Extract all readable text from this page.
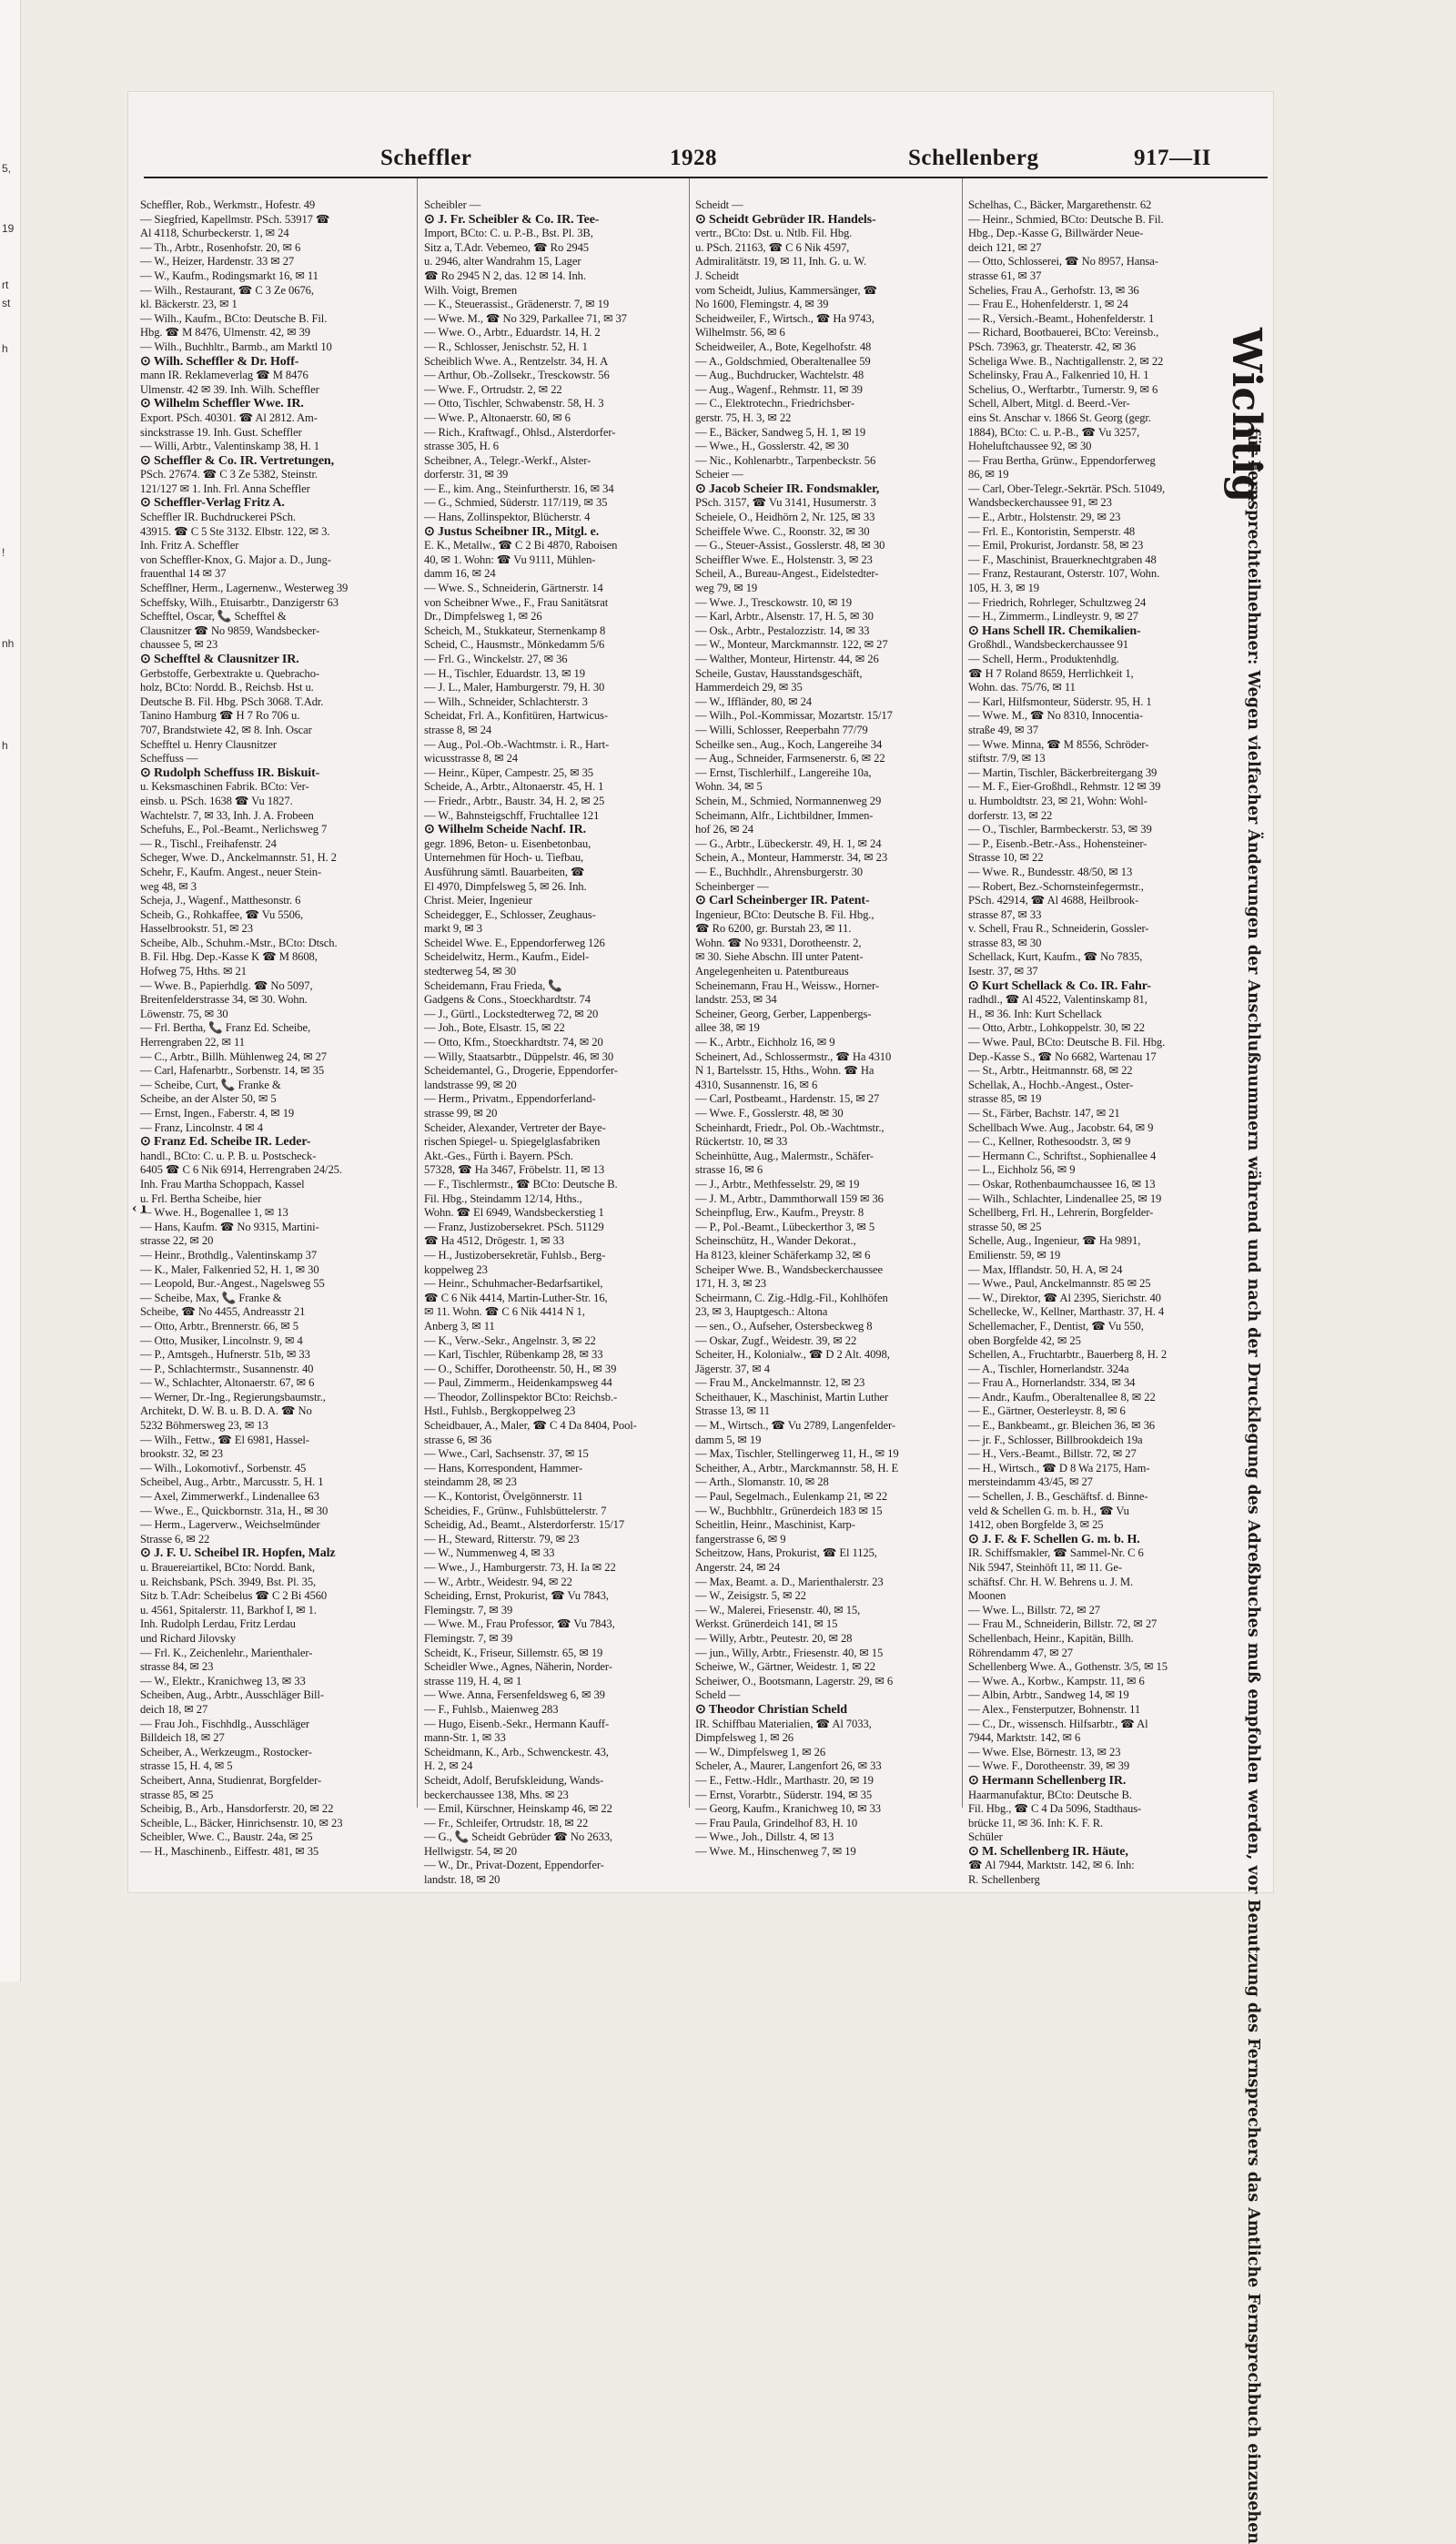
5,
19
rt
st
h
!
nh
h
Scheffler	1928	Schellenberg	917—II
Scheffler, Rob., Werkmstr., Hofestr. 49
— Siegfried, Kapellmstr. PSch. 53917 ☎
Al 4118, Schurbeckerstr. 1, ✉ 24
— Th., Arbtr., Rosenhofstr. 20, ✉ 6
— W., Heizer, Hardenstr. 33 ✉ 27
— W., Kaufm., Rodingsmarkt 16, ✉ 11
— Wilh., Restaurant, ☎ C 3 Ze 0676,
kl. Bäckerstr. 23, ✉ 1
— Wilh., Kaufm., BCto: Deutsche B. Fil.
Hbg. ☎ M 8476, Ulmenstr. 42, ✉ 39
— Wilh., Buchhltr., Barmb., am Marktl 10
⊙ Wilh. Scheffler & Dr. Hoff-
mann IR. Reklameverlag ☎ M 8476
Ulmenstr. 42 ✉ 39. Inh. Wilh. Scheffler
⊙ Wilhelm Scheffler Wwe. IR.
Export. PSch. 40301. ☎ Al 2812. Am-
sinckstrasse 19. Inh. Gust. Scheffler
— Willi, Arbtr., Valentinskamp 38, H. 1
⊙ Scheffler & Co. IR. Vertretungen,
PSch. 27674. ☎ C 3 Ze 5382, Steinstr.
121/127 ✉ 1. Inh. Frl. Anna Scheffler
⊙ Scheffler-Verlag Fritz A.
Scheffler IR. Buchdruckerei PSch.
43915. ☎ C 5 Ste 3132. Elbstr. 122, ✉ 3.
Inh. Fritz A. Scheffler
von Scheffler-Knox, G. Major a. D., Jung-
frauenthal 14 ✉ 37
Schefflner, Herm., Lagernenw., Westerweg 39
Scheffsky, Wilh., Etuisarbtr., Danzigerstr 63
Schefftel, Oscar, 📞 Schefftel &
Clausnitzer ☎ No 9859, Wandsbecker-
chaussee 5, ✉ 23
⊙ Schefftel & Clausnitzer IR.
Gerbstoffe, Gerbextrakte u. Quebracho-
holz, BCto: Nordd. B., Reichsb. Hst u.
Deutsche B. Fil. Hbg. PSch 3068. T.Adr.
Tanino Hamburg ☎ H 7 Ro 706 u.
707, Brandstwiete 42, ✉ 8. Inh. Oscar
Schefftel u. Henry Clausnitzer
Scheffuss —
⊙ Rudolph Scheffuss IR. Biskuit-
u. Keksmaschinen Fabrik. BCto: Ver-
einsb. u. PSch. 1638 ☎ Vu 1827.
Wachtelstr. 7, ✉ 33, Inh. J. A. Frobeen
Schefuhs, E., Pol.-Beamt., Nerlichsweg 7
— R., Tischl., Freihafenstr. 24
Scheger, Wwe. D., Anckelmannstr. 51, H. 2
Schehr, F., Kaufm. Angest., neuer Stein-
weg 48, ✉ 3
Scheja, J., Wagenf., Matthesonstr. 6
Scheib, G., Rohkaffee, ☎ Vu 5506,
Hasselbrookstr. 51, ✉ 23
Scheibe, Alb., Schuhm.-Mstr., BCto: Dtsch.
B. Fil. Hbg. Dep.-Kasse K ☎ M 8608,
Hofweg 75, Hths. ✉ 21
— Wwe. B., Papierhdlg. ☎ No 5097,
Breitenfelderstrasse 34, ✉ 30. Wohn.
Löwenstr. 75, ✉ 30
— Frl. Bertha, 📞 Franz Ed. Scheibe,
Herrengraben 22, ✉ 11
— C., Arbtr., Billh. Mühlenweg 24, ✉ 27
— Carl, Hafenarbtr., Sorbenstr. 14, ✉ 35
— Scheibe, Curt, 📞 Franke &
Scheibe, an der Alster 50, ✉ 5
— Ernst, Ingen., Faberstr. 4, ✉ 19
— Franz, Lincolnstr. 4 ✉ 4
⊙ Franz Ed. Scheibe IR. Leder-
handl., BCto: C. u. P. B. u. Postscheck-
6405 ☎ C 6 Nik 6914, Herrengraben 24/25.
Inh. Frau Martha Schoppach, Kassel
u. Frl. Bertha Scheibe, hier
— Wwe. H., Bogenallee 1, ✉ 13
— Hans, Kaufm. ☎ No 9315, Martini-
strasse 22, ✉ 20
— Heinr., Brothdlg., Valentinskamp 37
— K., Maler, Falkenried 52, H. 1, ✉ 30
— Leopold, Bur.-Angest., Nagelsweg 55
— Scheibe, Max, 📞 Franke &
Scheibe, ☎ No 4455, Andreasstr 21
— Otto, Arbtr., Brennerstr. 66, ✉ 5
— Otto, Musiker, Lincolnstr. 9, ✉ 4
— P., Amtsgeh., Hufnerstr. 51b, ✉ 33
— P., Schlachtermstr., Susannenstr. 40
— W., Schlachter, Altonaerstr. 67, ✉ 6
— Werner, Dr.-Ing., Regierungsbaumstr.,
Architekt, D. W. B. u. B. D. A. ☎ No
5232 Böhmersweg 23, ✉ 13
— Wilh., Fettw., ☎ El 6981, Hassel-
brookstr. 32, ✉ 23
— Wilh., Lokomotivf., Sorbenstr. 45
Scheibel, Aug., Arbtr., Marcusstr. 5, H. 1
— Axel, Zimmerwerkf., Lindenallee 63
— Wwe., E., Quickbornstr. 31a, H., ✉ 30
— Herm., Lagerverw., Weichselmünder
Strasse 6, ✉ 22
⊙ J. F. U. Scheibel IR. Hopfen, Malz
u. Brauereiartikel, BCto: Nordd. Bank,
u. Reichsbank, PSch. 3949, Bst. Pl. 35,
Sitz b. T.Adr: Scheibelus ☎ C 2 Bi 4560
u. 4561, Spitalerstr. 11, Barkhof I, ✉ 1.
Inh. Rudolph Lerdau, Fritz Lerdau
und Richard Jilovsky
— Frl. K., Zeichenlehr., Marienthaler-
strasse 84, ✉ 23
— W., Elektr., Kranichweg 13, ✉ 33
Scheiben, Aug., Arbtr., Ausschläger Bill-
deich 18, ✉ 27
— Frau Joh., Fischhdlg., Ausschläger
Billdeich 18, ✉ 27
Scheiber, A., Werkzeugm., Rostocker-
strasse 15, H. 4, ✉ 5
Scheibert, Anna, Studienrat, Borgfelder-
strasse 85, ✉ 25
Scheibig, B., Arb., Hansdorferstr. 20, ✉ 22
Scheible, L., Bäcker, Hinrichsenstr. 10, ✉ 23
Scheibler, Wwe. C., Baustr. 24a, ✉ 25
— H., Maschinenb., Eiffestr. 481, ✉ 35
Scheibler —
⊙ J. Fr. Scheibler & Co. IR. Tee-
Import, BCto: C. u. P.-B., Bst. Pl. 3B,
Sitz a, T.Adr. Vebemeo, ☎ Ro 2945
u. 2946, alter Wandrahm 15, Lager
☎ Ro 2945 N 2, das. 12 ✉ 14. Inh.
Wilh. Voigt, Bremen
— K., Steuerassist., Grädenerstr. 7, ✉ 19
— Wwe. M., ☎ No 329, Parkallee 71, ✉ 37
— Wwe. O., Arbtr., Eduardstr. 14, H. 2
— R., Schlosser, Jenischstr. 52, H. 1
Scheiblich Wwe. A., Rentzelstr. 34, H. A
— Arthur, Ob.-Zollsekr., Tresckowstr. 56
— Wwe. F., Ortrudstr. 2, ✉ 22
— Otto, Tischler, Schwabenstr. 58, H. 3
— Wwe. P., Altonaerstr. 60, ✉ 6
— Rich., Kraftwagf., Ohlsd., Alsterdorfer-
strasse 305, H. 6
Scheibner, A., Telegr.-Werkf., Alster-
dorferstr. 31, ✉ 39
— E., kim. Ang., Steinfurtherstr. 16, ✉ 34
— G., Schmied, Süderstr. 117/119, ✉ 35
— Hans, Zollinspektor, Blücherstr. 4
⊙ Justus Scheibner IR., Mitgl. e.
E. K., Metallw., ☎ C 2 Bi 4870, Raboisen
40, ✉ 1. Wohn: ☎ Vu 9111, Mühlen-
damm 16, ✉ 24
— Wwe. S., Schneiderin, Gärtnerstr. 14
von Scheibner Wwe., F., Frau Sanitätsrat
Dr., Dimpfelsweg 1, ✉ 26
Scheich, M., Stukkateur, Sternenkamp 8
Scheid, C., Hausmstr., Mönkedamm 5/6
— Frl. G., Winckelstr. 27, ✉ 36
— H., Tischler, Eduardstr. 13, ✉ 19
— J. L., Maler, Hamburgerstr. 79, H. 30
— Wilh., Schneider, Schlachterstr. 3
Scheidat, Frl. A., Konfitüren, Hartwicus-
strasse 8, ✉ 24
— Aug., Pol.-Ob.-Wachtmstr. i. R., Hart-
wicusstrasse 8, ✉ 24
— Heinr., Küper, Campestr. 25, ✉ 35
Scheide, A., Arbtr., Altonaerstr. 45, H. 1
— Friedr., Arbtr., Baustr. 34, H. 2, ✉ 25
— W., Bahnsteigschff, Fruchtallee 121
⊙ Wilhelm Scheide Nachf. IR.
gegr. 1896, Beton- u. Eisenbetonbau,
Unternehmen für Hoch- u. Tiefbau,
Ausführung sämtl. Bauarbeiten, ☎
El 4970, Dimpfelsweg 5, ✉ 26. Inh.
Christ. Meier, Ingenieur
Scheidegger, E., Schlosser, Zeughaus-
markt 9, ✉ 3
Scheidel Wwe. E., Eppendorferweg 126
Scheidelwitz, Herm., Kaufm., Eidel-
stedterweg 54, ✉ 30
Scheidemann, Frau Frieda, 📞
Gadgens & Cons., Stoeckhardtstr. 74
— J., Gürtl., Lockstedterweg 72, ✉ 20
— Joh., Bote, Elsastr. 15, ✉ 22
— Otto, Kfm., Stoeckhardtstr. 74, ✉ 20
— Willy, Staatsarbtr., Düppelstr. 46, ✉ 30
Scheidemantel, G., Drogerie, Eppendorfer-
landstrasse 99, ✉ 20
— Herm., Privatm., Eppendorferland-
strasse 99, ✉ 20
Scheider, Alexander, Vertreter der Baye-
rischen Spiegel- u. Spiegelglasfabriken
Akt.-Ges., Fürth i. Bayern. PSch.
57328, ☎ Ha 3467, Fröbelstr. 11, ✉ 13
— F., Tischlermstr., ☎ BCto: Deutsche B.
Fil. Hbg., Steindamm 12/14, Hths.,
Wohn. ☎ El 6949, Wandsbeckerstieg 1
— Franz, Justizobersekret. PSch. 51129
☎ Ha 4512, Drögestr. 1, ✉ 33
— H., Justizobersekretär, Fuhlsb., Berg-
koppelweg 23
— Heinr., Schuhmacher-Bedarfsartikel,
☎ C 6 Nik 4414, Martin-Luther-Str. 16,
✉ 11. Wohn. ☎ C 6 Nik 4414 N 1,
Anberg 3, ✉ 11
— K., Verw.-Sekr., Angelnstr. 3, ✉ 22
— Karl, Tischler, Rübenkamp 28, ✉ 33
— O., Schiffer, Dorotheenstr. 50, H., ✉ 39
— Paul, Zimmerm., Heidenkampsweg 44
— Theodor, Zollinspektor BCto: Reichsb.-
Hstl., Fuhlsb., Bergkoppelweg 23
Scheidbauer, A., Maler, ☎ C 4 Da 8404, Pool-
strasse 6, ✉ 36
— Wwe., Carl, Sachsenstr. 37, ✉ 15
— Hans, Korrespondent, Hammer-
steindamm 28, ✉ 23
— K., Kontorist, Övelgönnerstr. 11
Scheidies, F., Grünw., Fuhlsbüttelerstr. 7
Scheidig, Ad., Beamt., Alsterdorferstr. 15/17
— H., Steward, Ritterstr. 79, ✉ 23
— W., Nummenweg 4, ✉ 33
— Wwe., J., Hamburgerstr. 73, H. Ia ✉ 22
— W., Arbtr., Weidestr. 94, ✉ 22
Scheiding, Ernst, Prokurist, ☎ Vu 7843,
Flemingstr. 7, ✉ 39
— Wwe. M., Frau Professor, ☎ Vu 7843,
Flemingstr. 7, ✉ 39
Scheidt, K., Friseur, Sillemstr. 65, ✉ 19
Scheidler Wwe., Agnes, Näherin, Norder-
strasse 119, H. 4, ✉ 1
— Wwe. Anna, Fersenfeldsweg 6, ✉ 39
— F., Fuhlsb., Maienweg 283
— Hugo, Eisenb.-Sekr., Hermann Kauff-
mann-Str. 1, ✉ 33
Scheidmann, K., Arb., Schwenckestr. 43,
H. 2, ✉ 24
Scheidt, Adolf, Berufskleidung, Wands-
beckerchaussee 138, Mhs. ✉ 23
— Emil, Kürschner, Heinskamp 46, ✉ 22
— Fr., Schleifer, Ortrudstr. 18, ✉ 22
— G., 📞 Scheidt Gebrüder ☎ No 2633,
Hellwigstr. 54, ✉ 20
— W., Dr., Privat-Dozent, Eppendorfer-
landstr. 18, ✉ 20
Scheidt —
⊙ Scheidt Gebrüder IR. Handels-
vertr., BCto: Dst. u. Ntlb. Fil. Hbg.
u. PSch. 21163, ☎ C 6 Nik 4597,
Admiralitätstr. 19, ✉ 11, Inh. G. u. W.
J. Scheidt
vom Scheidt, Julius, Kammersänger, ☎
No 1600, Flemingstr. 4, ✉ 39
Scheidweiler, F., Wirtsch., ☎ Ha 9743,
Wilhelmstr. 56, ✉ 6
Scheidweiler, A., Bote, Kegelhofstr. 48
— A., Goldschmied, Oberaltenallee 59
— Aug., Buchdrucker, Wachtelstr. 48
— Aug., Wagenf., Rehmstr. 11, ✉ 39
— C., Elektrotechn., Friedrichsber-
gerstr. 75, H. 3, ✉ 22
— E., Bäcker, Sandweg 5, H. 1, ✉ 19
— Wwe., H., Gosslerstr. 42, ✉ 30
— Nic., Kohlenarbtr., Tarpenbeckstr. 56
Scheier —
⊙ Jacob Scheier IR. Fondsmakler,
PSch. 3157, ☎ Vu 3141, Husumerstr. 3
Scheiele, O., Heidhörn 2, Nr. 125, ✉ 33
Scheiffele Wwe. C., Roonstr. 32, ✉ 30
— G., Steuer-Assist., Gosslerstr. 48, ✉ 30
Scheiffler Wwe. E., Holstenstr. 3, ✉ 23
Scheil, A., Bureau-Angest., Eidelstedter-
weg 79, ✉ 19
— Wwe. J., Tresckowstr. 10, ✉ 19
— Karl, Arbtr., Alsenstr. 17, H. 5, ✉ 30
— Osk., Arbtr., Pestalozzistr. 14, ✉ 33
— W., Monteur, Marckmannstr. 122, ✉ 27
— Walther, Monteur, Hirtenstr. 44, ✉ 26
Scheile, Gustav, Hausstandsgeschäft,
Hammerdeich 29, ✉ 35
— W., Iffländer, 80, ✉ 24
— Wilh., Pol.-Kommissar, Mozartstr. 15/17
— Willi, Schlosser, Reeperbahn 77/79
Scheilke sen., Aug., Koch, Langereihe 34
— Aug., Schneider, Farmsenerstr. 6, ✉ 22
— Ernst, Tischlerhilf., Langereihe 10a,
Wohn. 34, ✉ 5
Schein, M., Schmied, Normannenweg 29
Scheimann, Alfr., Lichtbildner, Immen-
hof 26, ✉ 24
— G., Arbtr., Lübeckerstr. 49, H. 1, ✉ 24
Schein, A., Monteur, Hammerstr. 34, ✉ 23
— E., Buchhdlr., Ahrensburgerstr. 30
Scheinberger —
⊙ Carl Scheinberger IR. Patent-
Ingenieur, BCto: Deutsche B. Fil. Hbg.,
☎ Ro 6200, gr. Burstah 23, ✉ 11.
Wohn. ☎ No 9331, Dorotheenstr. 2,
✉ 30. Siehe Abschn. III unter Patent-
Angelegenheiten u. Patentbureaus
Scheinemann, Frau H., Weissw., Horner-
landstr. 253, ✉ 34
Scheiner, Georg, Gerber, Lappenbergs-
allee 38, ✉ 19
— K., Arbtr., Eichholz 16, ✉ 9
Scheinert, Ad., Schlossermstr., ☎ Ha 4310
N 1, Bartelsstr. 15, Hths., Wohn. ☎ Ha
4310, Susannenstr. 16, ✉ 6
— Carl, Postbeamt., Hardenstr. 15, ✉ 27
— Wwe. F., Gosslerstr. 48, ✉ 30
Scheinhardt, Friedr., Pol. Ob.-Wachtmstr.,
Rückertstr. 10, ✉ 33
Scheinhütte, Aug., Malermstr., Schäfer-
strasse 16, ✉ 6
— J., Arbtr., Methfesselstr. 29, ✉ 19
— J. M., Arbtr., Dammthorwall 159 ✉ 36
Scheinpflug, Erw., Kaufm., Preystr. 8
— P., Pol.-Beamt., Lübeckerthor 3, ✉ 5
Scheinschütz, H., Wander Dekorat.,
Ha 8123, kleiner Schäferkamp 32, ✉ 6
Scheiper Wwe. B., Wandsbeckerchaussee
171, H. 3, ✉ 23
Scheirmann, C. Zig.-Hdlg.-Fil., Kohlhöfen
23, ✉ 3, Hauptgesch.: Altona
— sen., O., Aufseher, Ostersbeckweg 8
— Oskar, Zugf., Weidestr. 39, ✉ 22
Scheiter, H., Kolonialw., ☎ D 2 Alt. 4098,
Jägerstr. 37, ✉ 4
— Frau M., Anckelmannstr. 12, ✉ 23
Scheithauer, K., Maschinist, Martin Luther
Strasse 13, ✉ 11
— M., Wirtsch., ☎ Vu 2789, Langenfelder-
damm 5, ✉ 19
— Max, Tischler, Stellingerweg 11, H., ✉ 19
Scheither, A., Arbtr., Marckmannstr. 58, H. E
— Arth., Slomanstr. 10, ✉ 28
— Paul, Segelmach., Eulenkamp 21, ✉ 22
— W., Buchbhltr., Grünerdeich 183 ✉ 15
Scheitlin, Heinr., Maschinist, Karp-
fangerstrasse 6, ✉ 9
Scheitzow, Hans, Prokurist, ☎ El 1125,
Angerstr. 24, ✉ 24
— Max, Beamt. a. D., Marienthalerstr. 23
— W., Zeisigstr. 5, ✉ 22
— W., Malerei, Friesenstr. 40, ✉ 15,
Werkst. Grünerdeich 141, ✉ 15
— Willy, Arbtr., Peutestr. 20, ✉ 28
— jun., Willy, Arbtr., Friesenstr. 40, ✉ 15
Scheiwe, W., Gärtner, Weidestr. 1, ✉ 22
Scheiwer, O., Bootsmann, Lagerstr. 29, ✉ 6
Scheld —
⊙ Theodor Christian Scheld
IR. Schiffbau Materialien, ☎ Al 7033,
Dimpfelsweg 1, ✉ 26
— W., Dimpfelsweg 1, ✉ 26
Scheler, A., Maurer, Langenfort 26, ✉ 33
— E., Fettw.-Hdlr., Marthastr. 20, ✉ 19
— Ernst, Vorarbtr., Süderstr. 194, ✉ 35
— Georg, Kaufm., Kranichweg 10, ✉ 33
— Frau Paula, Grindelhof 83, H. 10
— Wwe., Joh., Dillstr. 4, ✉ 13
— Wwe. M., Hinschenweg 7, ✉ 19
Schelhas, C., Bäcker, Margarethenstr. 62
— Heinr., Schmied, BCto: Deutsche B. Fil.
Hbg., Dep.-Kasse G, Billwärder Neue-
deich 121, ✉ 27
— Otto, Schlosserei, ☎ No 8957, Hansa-
strasse 61, ✉ 37
Schelies, Frau A., Gerhofstr. 13, ✉ 36
— Frau E., Hohenfelderstr. 1, ✉ 24
— R., Versich.-Beamt., Hohenfelderstr. 1
— Richard, Bootbauerei, BCto: Vereinsb.,
PSch. 73963, gr. Theaterstr. 42, ✉ 36
Scheliga Wwe. B., Nachtigallenstr. 2, ✉ 22
Schelinsky, Frau A., Falkenried 10, H. 1
Schelius, O., Werftarbtr., Turnerstr. 9, ✉ 6
Schell, Albert, Mitgl. d. Beerd.-Ver-
eins St. Anschar v. 1866 St. Georg (gegr.
1884), BCto: C. u. P.-B., ☎ Vu 3257,
Hoheluftchaussee 92, ✉ 30
— Frau Bertha, Grünw., Eppendorferweg
86, ✉ 19
— Carl, Ober-Telegr.-Sekrtär. PSch. 51049,
Wandsbeckerchaussee 91, ✉ 23
— E., Arbtr., Holstenstr. 29, ✉ 23
— Frl. E., Kontoristin, Semperstr. 48
— Emil, Prokurist, Jordanstr. 58, ✉ 23
— F., Maschinist, Brauerknechtgraben 48
— Franz, Restaurant, Osterstr. 107, Wohn.
105, H. 3, ✉ 19
— Friedrich, Rohrleger, Schultzweg 24
— H., Zimmerm., Lindleystr. 9, ✉ 27
⊙ Hans Schell IR. Chemikalien-
Großhdl., Wandsbeckerchaussee 91
— Schell, Herm., Produktenhdlg.
☎ H 7 Roland 8659, Herrlichkeit 1,
Wohn. das. 75/76, ✉ 11
— Karl, Hilfsmonteur, Süderstr. 95, H. 1
— Wwe. M., ☎ No 8310, Innocentia-
straße 49, ✉ 37
— Wwe. Minna, ☎ M 8556, Schröder-
stiftstr. 7/9, ✉ 13
— Martin, Tischler, Bäckerbreitergang 39
— M. F., Eier-Großhdl., Rehmstr. 12 ✉ 39
u. Humboldtstr. 23, ✉ 21, Wohn: Wohl-
dorferstr. 13, ✉ 22
— O., Tischler, Barmbeckerstr. 53, ✉ 39
— P., Eisenb.-Betr.-Ass., Hohensteiner-
Strasse 10, ✉ 22
— Wwe. R., Bundesstr. 48/50, ✉ 13
— Robert, Bez.-Schornsteinfegermstr.,
PSch. 42914, ☎ Al 4688, Heilbrook-
strasse 87, ✉ 33
v. Schell, Frau R., Schneiderin, Gossler-
strasse 83, ✉ 30
Schellack, Kurt, Kaufm., ☎ No 7835,
Isestr. 37, ✉ 37
⊙ Kurt Schellack & Co. IR. Fahr-
radhdl., ☎ Al 4522, Valentinskamp 81,
H., ✉ 36. Inh: Kurt Schellack
— Otto, Arbtr., Lohkoppelstr. 30, ✉ 22
— Wwe. Paul, BCto: Deutsche B. Fil. Hbg.
Dep.-Kasse S., ☎ No 6682, Wartenau 17
— St., Arbtr., Heitmannstr. 68, ✉ 22
Schellak, A., Hochb.-Angest., Oster-
strasse 85, ✉ 19
— St., Färber, Bachstr. 147, ✉ 21
Schellbach Wwe. Aug., Jacobstr. 64, ✉ 9
— C., Kellner, Rothesoodstr. 3, ✉ 9
— Hermann C., Schriftst., Sophienallee 4
— L., Eichholz 56, ✉ 9
— Oskar, Rothenbaumchaussee 16, ✉ 13
— Wilh., Schlachter, Lindenallee 25, ✉ 19
Schellberg, Frl. H., Lehrerin, Borgfelder-
strasse 50, ✉ 25
Schelle, Aug., Ingenieur, ☎ Ha 9891,
Emilienstr. 59, ✉ 19
— Max, Ifflandstr. 50, H. A, ✉ 24
— Wwe., Paul, Anckelmannstr. 85 ✉ 25
— W., Direktor, ☎ Al 2395, Sierichstr. 40
Schellecke, W., Kellner, Marthastr. 37, H. 4
Schellemacher, F., Dentist, ☎ Vu 550,
oben Borgfelde 42, ✉ 25
Schellen, A., Fruchtarbtr., Bauerberg 8, H. 2
— A., Tischler, Hornerlandstr. 324a
— Frau A., Hornerlandstr. 334, ✉ 34
— Andr., Kaufm., Oberaltenallee 8, ✉ 22
— E., Gärtner, Oesterleystr. 8, ✉ 6
— E., Bankbeamt., gr. Bleichen 36, ✉ 36
— jr. F., Schlosser, Billbrookdeich 19a
— H., Vers.-Beamt., Billstr. 72, ✉ 27
— H., Wirtsch., ☎ D 8 Wa 2175, Ham-
mersteindamm 43/45, ✉ 27
— Schellen, J. B., Geschäftsf. d. Binne-
veld & Schellen G. m. b. H., ☎ Vu
1412, oben Borgfelde 3, ✉ 25
⊙ J. F. & F. Schellen G. m. b. H.
IR. Schiffsmakler, ☎ Sammel-Nr. C 6
Nik 5947, Steinhöft 11, ✉ 11. Ge-
schäftsf. Chr. H. W. Behrens u. J. M.
Moonen
— Wwe. L., Billstr. 72, ✉ 27
— Frau M., Schneiderin, Billstr. 72, ✉ 27
Schellenbach, Heinr., Kapitän, Billh.
Röhrendamm 47, ✉ 27
Schellenberg Wwe. A., Gothenstr. 3/5, ✉ 15
— Wwe. A., Korbw., Kampstr. 11, ✉ 6
— Albin, Arbtr., Sandweg 14, ✉ 19
— Alex., Fensterputzer, Bohnenstr. 11
— C., Dr., wissensch. Hilfsarbtr., ☎ Al
7944, Marktstr. 142, ✉ 6
— Wwe. Else, Börnestr. 13, ✉ 23
— Wwe. F., Dorotheenstr. 39, ✉ 39
⊙ Hermann Schellenberg IR.
Haarmanufaktur, BCto: Deutsche B.
Fil. Hbg., ☎ C 4 Da 5096, Stadthaus-
brücke 11, ✉ 36. Inh: K. F. R.
Schüler
⊙ M. Schellenberg IR. Häute,
☎ Al 7944, Marktstr. 142, ✉ 6. Inh:
R. Schellenberg
Wichtig
für Fernsprechteilnehmer: Wegen vielfacher Änderungen der Anschlußnummern während und nach der Drucklegung des Adreßbuches muß empfohlen werden, vor Benutzung des Fernsprechers das Amtliche Fernsprechbuch einzusehen
‹ ı
